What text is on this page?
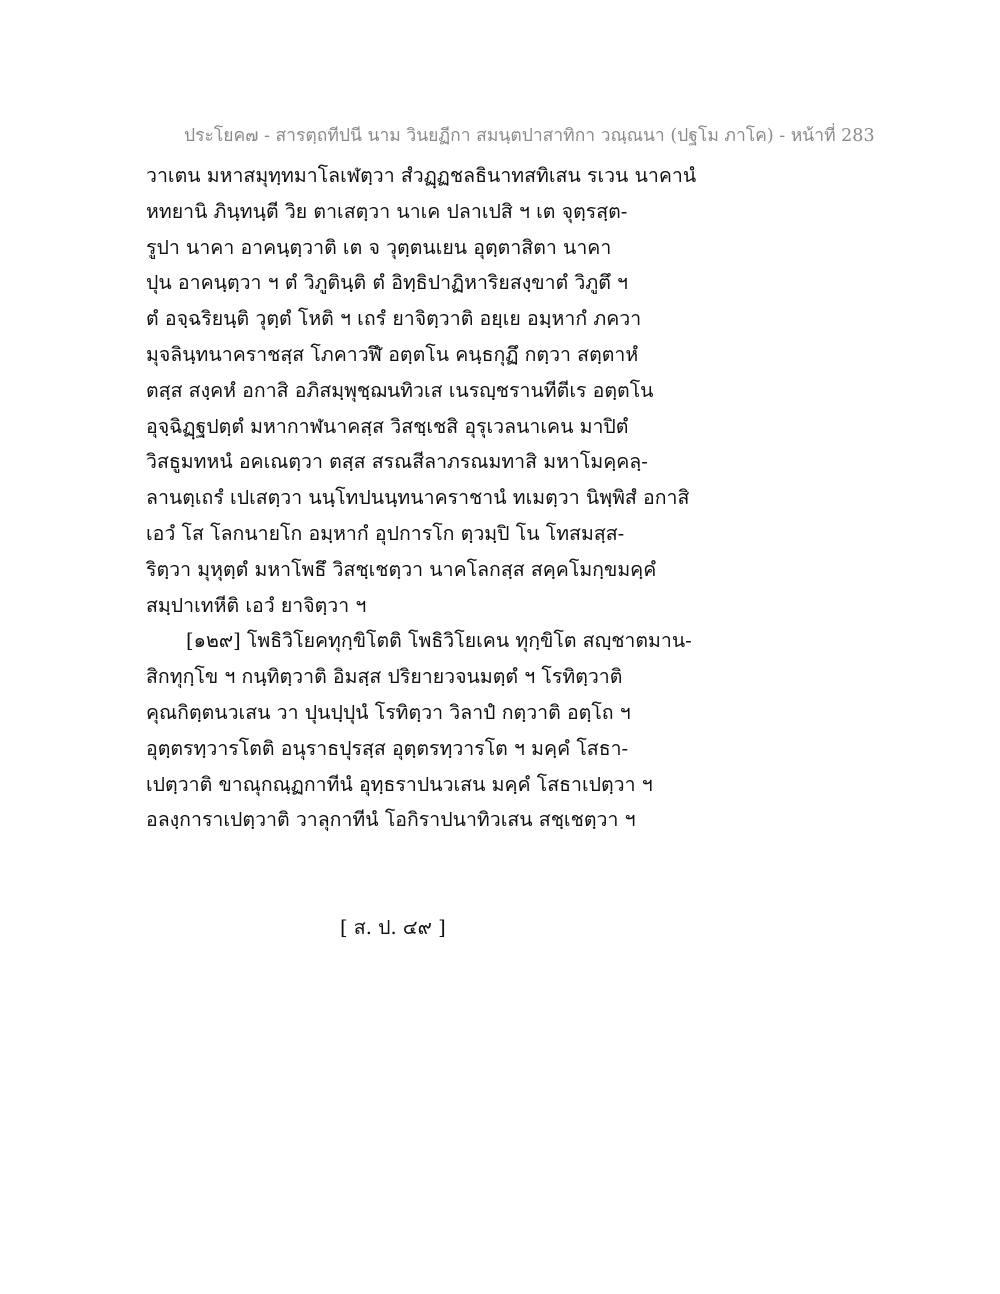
ประโยค๗ - สารตฺถทีปนี นาม วินยฏีกา สมนฺตปาสาทิกา วณฺณนา (ปฐโม ภาโค) - หน้าที่ 283
วาเตน มหาสมุทฺทมาโลเฬตฺวา สํวฏฺฏชลธินาทสทิเสน รเวน นาคานํ
หทยานิ ภินฺทนฺตี วิย ตาเสตฺวา นาเค ปลาเปสิ ฯ เต จุตฺรสฺต-
รูปา นาคา อาคนฺตฺวาติ เต จ วุตฺตนเยน อุตฺตาสิตา นาคา
ปุน อาคนฺตฺวา ฯ ตํ วิภูตินฺติ ตํ อิทฺธิปาฏิหาริยสงฺขาตํ วิภูตึ ฯ
ตํ อจฺฉริยนฺติ วุตฺตํ โหติ ฯ เถรํ ยาจิตฺวาติ อยฺเย อมฺหากํ ภควา
มุจลินฺทนาคราชสฺส โภคาวฬึ อตฺตโน คนฺธกุฏึ กตฺวา สตฺตาหํ
ตสฺส สงฺคหํ อกาสิ อภิสมฺพุชฺฌนทิวเส เนรญฺชรานทีตีเร อตฺตโน
อุจฺฉิฏฺฐปตฺตํ มหากาฬนาคสฺส วิสชฺเชสิ อุรุเวลนาเคน มาปิตํ
วิสธูมทหนํ อคเณตฺวา ตสฺส สรณสีลาภรณมทาสิ มหาโมคฺคลฺ-
ลานตฺเถรํ เปเสตฺวา นนฺโทปนนฺทนาคราชานํ ทเมตฺวา นิพฺพิสํ อกาสิ
เอวํ โส โลกนายโก อมฺหากํ อุปการโก ตฺวมฺปิ โน โทสมสฺส-
ริตฺวา มุหุตฺตํ มหาโพธึ วิสชฺเชตฺวา นาคโลกสฺส สคฺคโมกฺขมคฺคํ
สมฺปาเทหีติ เอวํ ยาจิตฺวา ฯ
[๑๒๙] โพธิวิโยคทุกฺขิโตติ โพธิวิโยเคน ทุกฺขิโต สญฺชาตมาน-
สิกทุกฺโข ฯ กนฺทิตฺวาติ อิมสฺส ปริยายวจนมตฺตํ ฯ โรทิตฺวาติ
คุณกิตฺตนวเสน วา ปุนปฺปุนํ โรทิตฺวา วิลาปํ กตฺวาติ อตฺโถ ฯ
อุตฺตรทฺวารโตติ อนุราธปุรสฺส อุตฺตรทฺวารโต ฯ มคฺคํ โสธา-
เปตฺวาติ ขาณุกณฺฏกาทีนํ อุทฺธราปนวเสน มคฺคํ โสธาเปตฺวา ฯ
อลงฺการาเปตฺวาติ วาลุกาทีนํ โอกิราปนาทิวเสน สชฺเชตฺวา ฯ
[ ส. ป. ๔๙ ]
